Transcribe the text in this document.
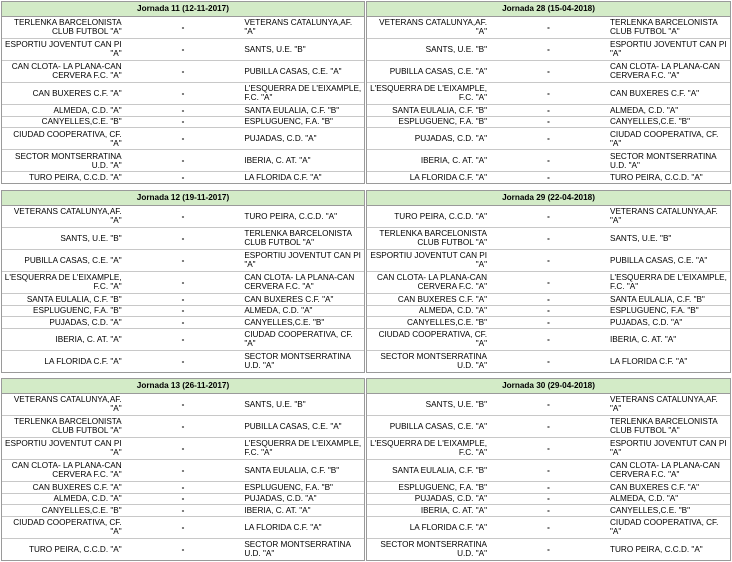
Jornada 11 (12-11-2017)		
TERLENKA BARCELONISTA CLUB FUTBOL "A"	-	VETERANS CATALUNYA,AF. "A"
ESPORTIU JOVENTUT CAN PI "A"	-	SANTS, U.E. "B"
CAN CLOTA- LA PLANA-CAN CERVERA F.C. "A"	-	PUBILLA CASAS, C.E. "A"
CAN BUXERES C.F. "A"	-	L'ESQUERRA DE L'EIXAMPLE, F.C. "A"
ALMEDA, C.D. "A"	-	SANTA EULALIA, C.F. "B"
CANYELLES,C.E. "B"	-	ESPLUGUENC, F.A. "B"
CIUDAD COOPERATIVA, CF. "A"	-	PUJADAS, C.D. "A"
SECTOR MONTSERRATINA U.D. "A"	-	IBERIA, C. AT. "A"
TURO PEIRA, C.C.D. "A"	-	LA FLORIDA C.F. "A"
Jornada 28 (15-04-2018)		
VETERANS CATALUNYA,AF. "A"	-	TERLENKA BARCELONISTA CLUB FUTBOL "A"
SANTS, U.E. "B"	-	ESPORTIU JOVENTUT CAN PI "A"
PUBILLA CASAS, C.E. "A"	-	CAN CLOTA- LA PLANA-CAN CERVERA F.C. "A"
L'ESQUERRA DE L'EIXAMPLE, F.C. "A"	-	CAN BUXERES C.F. "A"
SANTA EULALIA, C.F. "B"	-	ALMEDA, C.D. "A"
ESPLUGUENC, F.A. "B"	-	CANYELLES,C.E. "B"
PUJADAS, C.D. "A"	-	CIUDAD COOPERATIVA, CF. "A"
IBERIA, C. AT. "A"	-	SECTOR MONTSERRATINA U.D. "A"
LA FLORIDA C.F. "A"	-	TURO PEIRA, C.C.D. "A"
Jornada 12 (19-11-2017)		
VETERANS CATALUNYA,AF. "A"	-	TURO PEIRA, C.C.D. "A"
SANTS, U.E. "B"	-	TERLENKA BARCELONISTA CLUB FUTBOL "A"
PUBILLA CASAS, C.E. "A"	-	ESPORTIU JOVENTUT CAN PI "A"
L'ESQUERRA DE L'EIXAMPLE, F.C. "A"	-	CAN CLOTA- LA PLANA-CAN CERVERA F.C. "A"
SANTA EULALIA, C.F. "B"	-	CAN BUXERES C.F. "A"
ESPLUGUENC, F.A. "B"	-	ALMEDA, C.D. "A"
PUJADAS, C.D. "A"	-	CANYELLES,C.E. "B"
IBERIA, C. AT. "A"	-	CIUDAD COOPERATIVA, CF. "A"
LA FLORIDA C.F. "A"	-	SECTOR MONTSERRATINA U.D. "A"
Jornada 29 (22-04-2018)		
TURO PEIRA, C.C.D. "A"	-	VETERANS CATALUNYA,AF. "A"
TERLENKA BARCELONISTA CLUB FUTBOL "A"	-	SANTS, U.E. "B"
ESPORTIU JOVENTUT CAN PI "A"	-	PUBILLA CASAS, C.E. "A"
CAN CLOTA- LA PLANA-CAN CERVERA F.C. "A"	-	L'ESQUERRA DE L'EIXAMPLE, F.C. "A"
CAN BUXERES C.F. "A"	-	SANTA EULALIA, C.F. "B"
ALMEDA, C.D. "A"	-	ESPLUGUENC, F.A. "B"
CANYELLES,C.E. "B"	-	PUJADAS, C.D. "A"
CIUDAD COOPERATIVA, CF. "A"	-	IBERIA, C. AT. "A"
SECTOR MONTSERRATINA U.D. "A"	-	LA FLORIDA C.F. "A"
Jornada 13 (26-11-2017)		
VETERANS CATALUNYA,AF. "A"	-	SANTS, U.E. "B"
TERLENKA BARCELONISTA CLUB FUTBOL "A"	-	PUBILLA CASAS, C.E. "A"
ESPORTIU JOVENTUT CAN PI "A"	-	L'ESQUERRA DE L'EIXAMPLE, F.C. "A"
CAN CLOTA- LA PLANA-CAN CERVERA F.C. "A"	-	SANTA EULALIA, C.F. "B"
CAN BUXERES C.F. "A"	-	ESPLUGUENC, F.A. "B"
ALMEDA, C.D. "A"	-	PUJADAS, C.D. "A"
CANYELLES,C.E. "B"	-	IBERIA, C. AT. "A"
CIUDAD COOPERATIVA, CF. "A"	-	LA FLORIDA C.F. "A"
TURO PEIRA, C.C.D. "A"	-	SECTOR MONTSERRATINA U.D. "A"
Jornada 30 (29-04-2018)		
SANTS, U.E. "B"	-	VETERANS CATALUNYA,AF. "A"
PUBILLA CASAS, C.E. "A"	-	TERLENKA BARCELONISTA CLUB FUTBOL "A"
L'ESQUERRA DE L'EIXAMPLE, F.C. "A"	-	ESPORTIU JOVENTUT CAN PI "A"
SANTA EULALIA, C.F. "B"	-	CAN CLOTA- LA PLANA-CAN CERVERA F.C. "A"
ESPLUGUENC, F.A. "B"	-	CAN BUXERES C.F. "A"
PUJADAS, C.D. "A"	-	ALMEDA, C.D. "A"
IBERIA, C. AT. "A"	-	CANYELLES,C.E. "B"
LA FLORIDA C.F. "A"	-	CIUDAD COOPERATIVA, CF. "A"
SECTOR MONTSERRATINA U.D. "A"	-	TURO PEIRA, C.C.D. "A"
